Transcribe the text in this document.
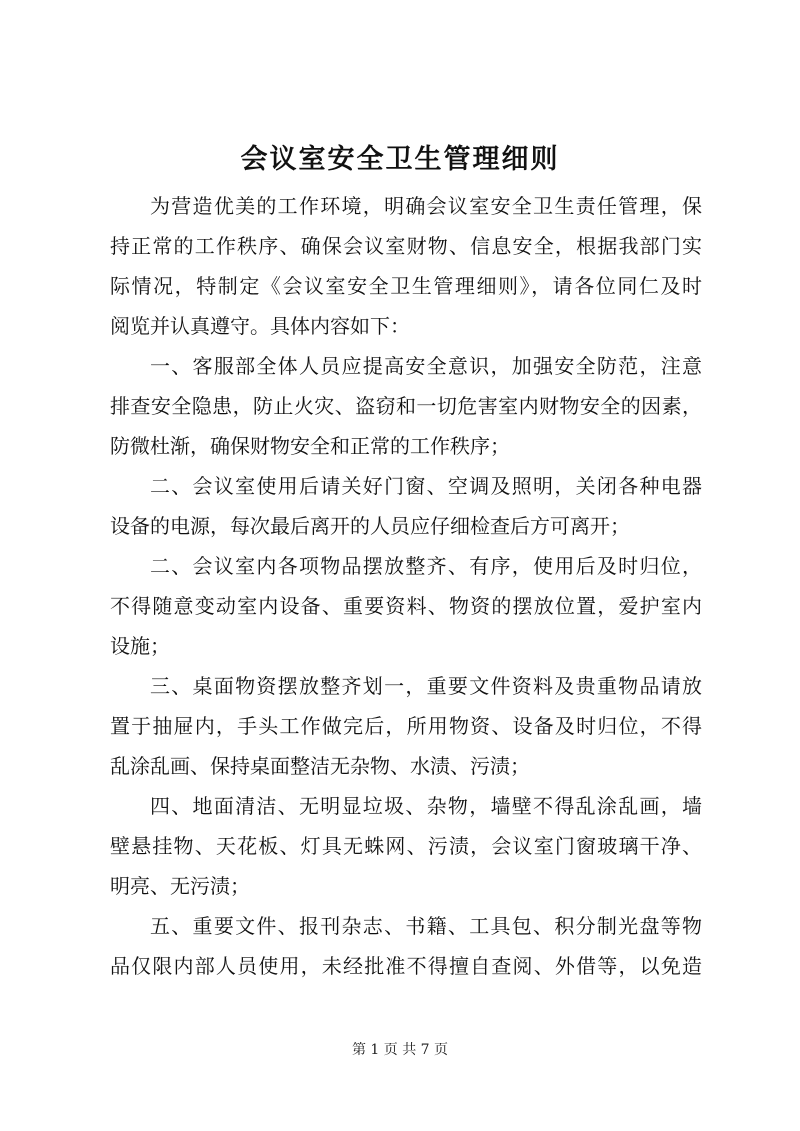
会议室安全卫生管理细则
为营造优美的工作环境，明确会议室安全卫生责任管理，保
持正常的工作秩序、确保会议室财物、信息安全，根据我部门实
际情况，特制定《会议室安全卫生管理细则》，请各位同仁及时
阅览并认真遵守。具体内容如下：
一、客服部全体人员应提高安全意识，加强安全防范，注意
排查安全隐患，防止火灾、盗窃和一切危害室内财物安全的因素，
防微杜渐，确保财物安全和正常的工作秩序；
二、会议室使用后请关好门窗、空调及照明，关闭各种电器
设备的电源，每次最后离开的人员应仔细检查后方可离开；
二、会议室内各项物品摆放整齐、有序，使用后及时归位，
不得随意变动室内设备、重要资料、物资的摆放位置，爱护室内
设施；
三、桌面物资摆放整齐划一，重要文件资料及贵重物品请放
置于抽屉内，手头工作做完后，所用物资、设备及时归位，不得
乱涂乱画、保持桌面整洁无杂物、水渍、污渍；
四、地面清洁、无明显垃圾、杂物，墙壁不得乱涂乱画，墙
壁悬挂物、天花板、灯具无蛛网、污渍，会议室门窗玻璃干净、
明亮、无污渍；
五、重要文件、报刊杂志、书籍、工具包、积分制光盘等物
品仅限内部人员使用，未经批准不得擅自查阅、外借等，以免造
第 1 页 共 7 页
